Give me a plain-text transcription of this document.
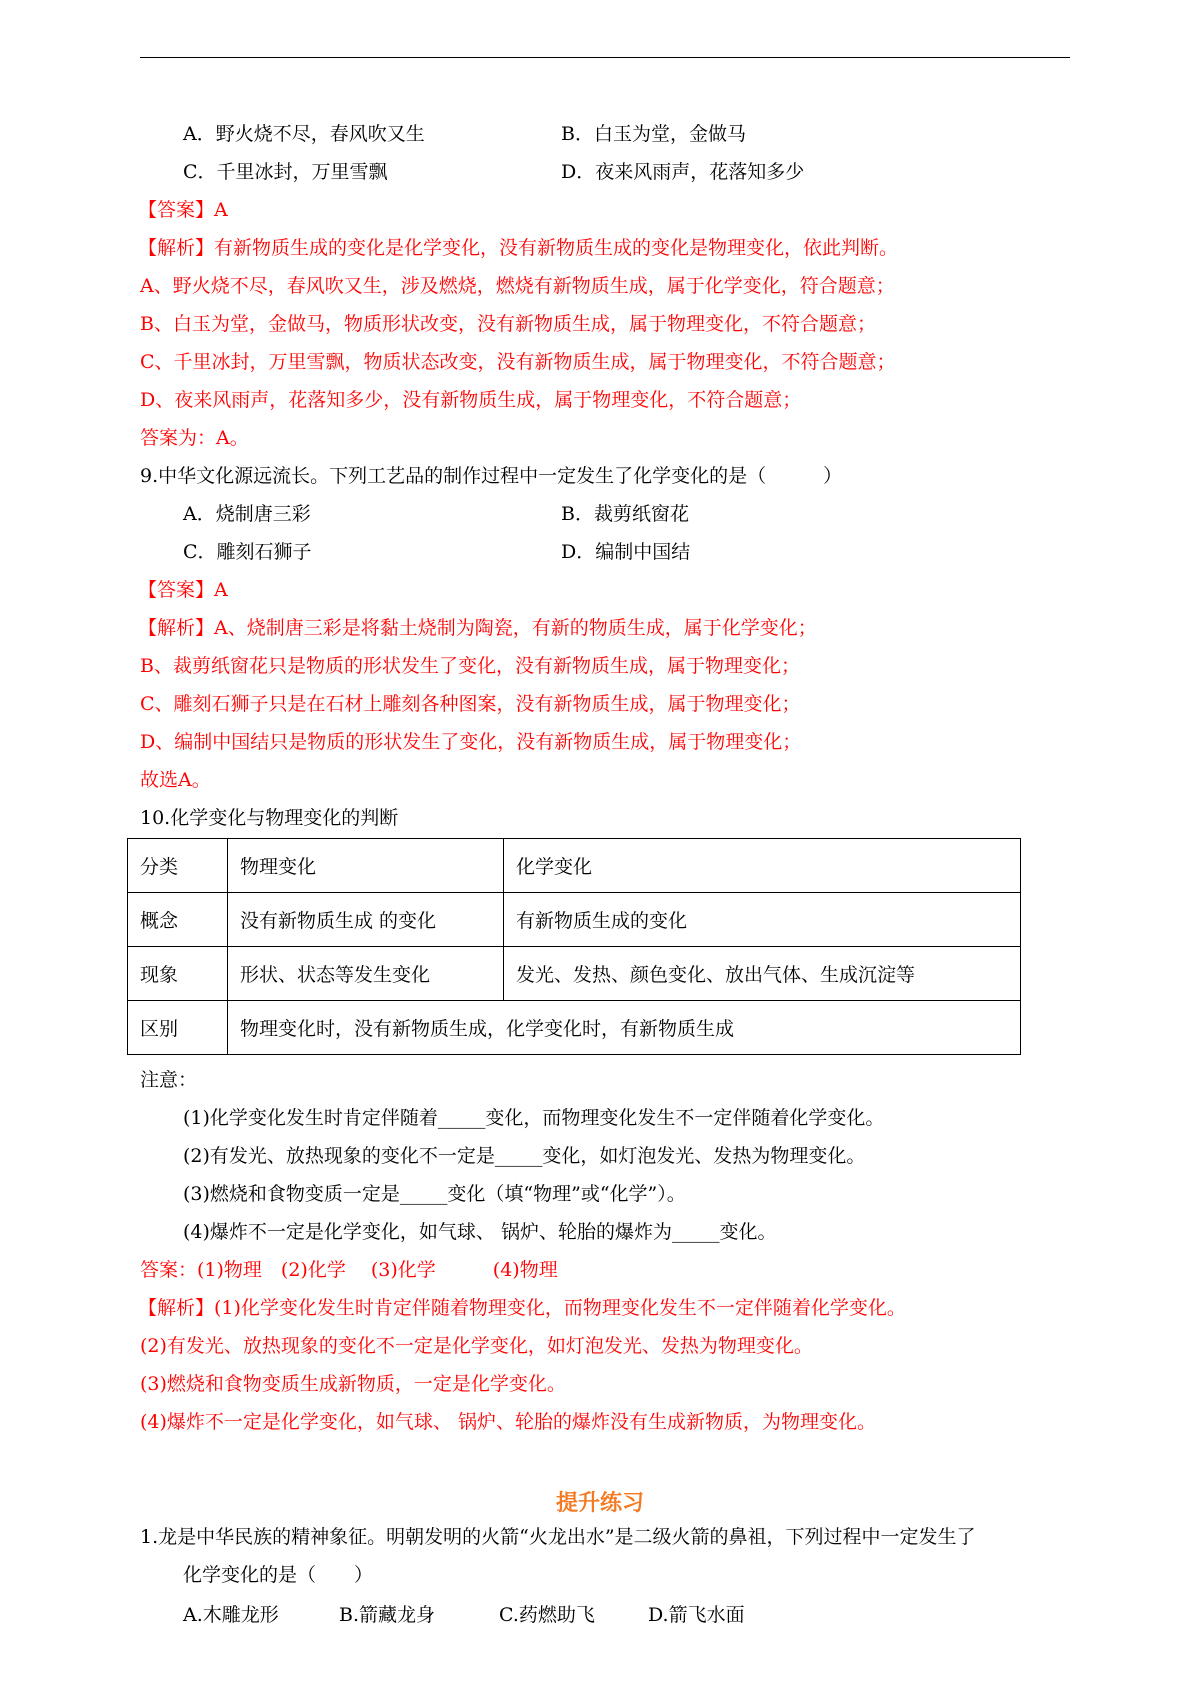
A．野火烧不尽，春风吹又生	B．白玉为堂，金做马
C．千里冰封，万里雪飘	D．夜来风雨声，花落知多少
【答案】A
【解析】有新物质生成的变化是化学变化，没有新物质生成的变化是物理变化，依此判断。
A、野火烧不尽，春风吹又生，涉及燃烧，燃烧有新物质生成，属于化学变化，符合题意；
B、白玉为堂，金做马，物质形状改变，没有新物质生成，属于物理变化，不符合题意；
C、千里冰封，万里雪飘，物质状态改变，没有新物质生成，属于物理变化，不符合题意；
D、夜来风雨声，花落知多少，没有新物质生成，属于物理变化，不符合题意；
答案为：A。
9.中华文化源远流长。下列工艺品的制作过程中一定发生了化学变化的是（　　　）
A．烧制唐三彩	B．裁剪纸窗花
C．雕刻石狮子	D．编制中国结
【答案】A
【解析】A、烧制唐三彩是将黏土烧制为陶瓷，有新的物质生成，属于化学变化；
B、裁剪纸窗花只是物质的形状发生了变化，没有新物质生成，属于物理变化；
C、雕刻石狮子只是在石材上雕刻各种图案，没有新物质生成，属于物理变化；
D、编制中国结只是物质的形状发生了变化，没有新物质生成，属于物理变化；
故选A。
10.化学变化与物理变化的判断
分类	物理变化	化学变化
概念	没有新物质生成 的变化	有新物质生成的变化
现象	形状、状态等发生变化	发光、发热、颜色变化、放出气体、生成沉淀等
区别	物理变化时，没有新物质生成，化学变化时，有新物质生成	
注意：
(1)化学变化发生时肯定伴随着_____变化，而物理变化发生不一定伴随着化学变化。
(2)有发光、放热现象的变化不一定是_____变化，如灯泡发光、发热为物理变化。
(3)燃烧和食物变质一定是_____变化（填“物理”或“化学”）。
(4)爆炸不一定是化学变化，如气球、 锅炉、轮胎的爆炸为_____变化。
答案：(1)物理　(2)化学　 (3)化学　　　(4)物理
【解析】(1)化学变化发生时肯定伴随着物理变化，而物理变化发生不一定伴随着化学变化。
(2)有发光、放热现象的变化不一定是化学变化，如灯泡发光、发热为物理变化。
(3)燃烧和食物变质生成新物质，一定是化学变化。
(4)爆炸不一定是化学变化，如气球、 锅炉、轮胎的爆炸没有生成新物质，为物理变化。
提升练习
1.龙是中华民族的精神象征。明朝发明的火箭“火龙出水”是二级火箭的鼻祖，下列过程中一定发生了
化学变化的是（　　）
A.木雕龙形	B.箭藏龙身	C.药燃助飞	D.箭飞水面
